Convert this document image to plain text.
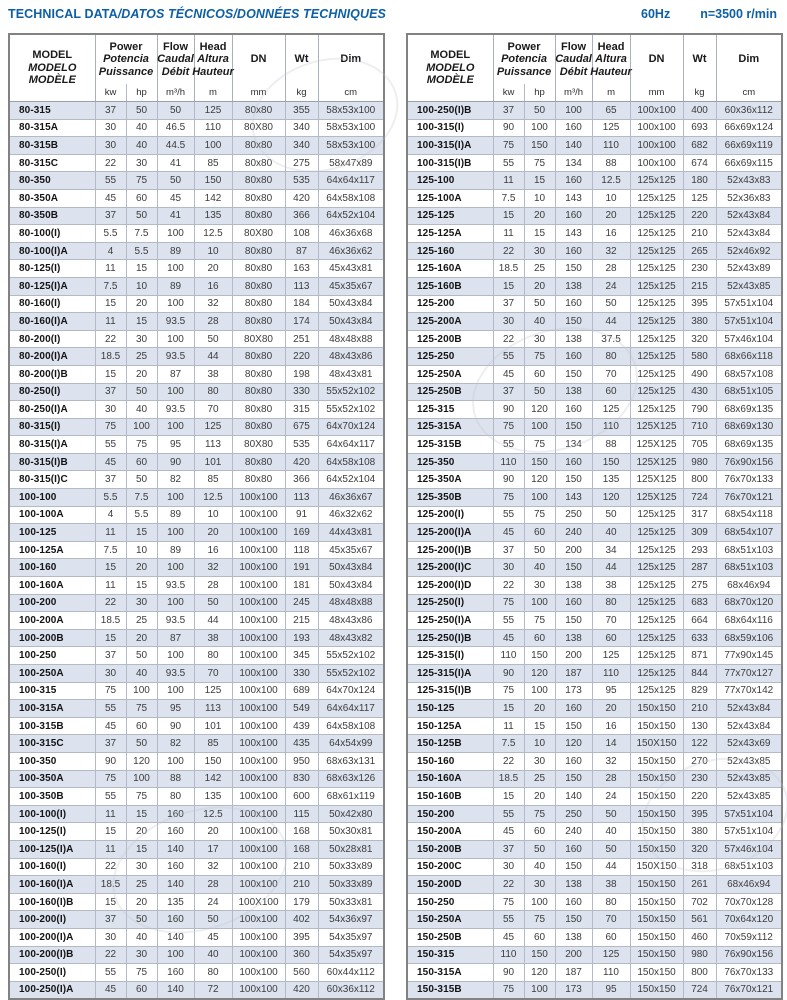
TECHNICAL DATA/DATOS TÉCNICOS/DONNÉES TECHNIQUES	60Hz n=3500 r/min
MODEL
MODELO
MODÈLE

Power
Potencia
Puissance
kw	hp

Flow
Caudal
Débit
m³/h

Head
Altura
Hauteur
m

DN
mm

Wt
kg

Dim
cm

80-315	37	50	50	125	80x80	355	58x53x100
80-315A	30	40	46.5	110	80X80	340	58x53x100
80-315B	30	40	44.5	100	80x80	340	58x53x100
80-315C	22	30	41	85	80x80	275	58x47x89
80-350	55	75	50	150	80x80	535	64x64x117
80-350A	45	60	45	142	80x80	420	64x58x108
80-350B	37	50	41	135	80x80	366	64x52x104
80-100(I)	5.5	7.5	100	12.5	80X80	108	46x36x68
80-100(I)A	4	5.5	89	10	80x80	87	46x36x62
80-125(I)	11	15	100	20	80x80	163	45x43x81
80-125(I)A	7.5	10	89	16	80x80	113	45x35x67
80-160(I)	15	20	100	32	80x80	184	50x43x84
80-160(I)A	11	15	93.5	28	80x80	174	50x43x84
80-200(I)	22	30	100	50	80X80	251	48x48x88
80-200(I)A	18.5	25	93.5	44	80x80	220	48x43x86
80-200(I)B	15	20	87	38	80x80	198	48x43x81
80-250(I)	37	50	100	80	80x80	330	55x52x102
80-250(I)A	30	40	93.5	70	80x80	315	55x52x102
80-315(I)	75	100	100	125	80x80	675	64x70x124
80-315(I)A	55	75	95	113	80X80	535	64x64x117
80-315(I)B	45	60	90	101	80x80	420	64x58x108
80-315(I)C	37	50	82	85	80x80	366	64x52x104
100-100	5.5	7.5	100	12.5	100x100	113	46x36x67
100-100A	4	5.5	89	10	100x100	91	46x32x62
100-125	11	15	100	20	100x100	169	44x43x81
100-125A	7.5	10	89	16	100x100	118	45x35x67
100-160	15	20	100	32	100x100	191	50x43x84
100-160A	11	15	93.5	28	100x100	181	50x43x84
100-200	22	30	100	50	100x100	245	48x48x88
100-200A	18.5	25	93.5	44	100x100	215	48x43x86
100-200B	15	20	87	38	100x100	193	48x43x82
100-250	37	50	100	80	100x100	345	55x52x102
100-250A	30	40	93.5	70	100x100	330	55x52x102
100-315	75	100	100	125	100x100	689	64x70x124
100-315A	55	75	95	113	100x100	549	64x64x117
100-315B	45	60	90	101	100x100	439	64x58x108
100-315C	37	50	82	85	100x100	435	64x54x99
100-350	90	120	100	150	100x100	950	68x63x131
100-350A	75	100	88	142	100x100	830	68x63x126
100-350B	55	75	80	135	100x100	600	68x61x119
100-100(I)	11	15	160	12.5	100x100	115	50x42x80
100-125(I)	15	20	160	20	100x100	168	50x30x81
100-125(I)A	11	15	140	17	100x100	168	50x28x81
100-160(I)	22	30	160	32	100x100	210	50x33x89
100-160(I)A	18.5	25	140	28	100x100	210	50x33x89
100-160(I)B	15	20	135	24	100X100	179	50x33x81
100-200(I)	37	50	160	50	100x100	402	54x36x97
100-200(I)A	30	40	140	45	100x100	395	54x35x97
100-200(I)B	22	30	100	40	100x100	360	54x35x97
100-250(I)	55	75	160	80	100x100	560	60x44x112
100-250(I)A	45	60	140	72	100x100	420	60x36x112
MODEL
MODELO
MODÈLE

Power
Potencia
Puissance
kw	hp

Flow
Caudal
Débit
m³/h

Head
Altura
Hauteur
m

DN
mm

Wt
kg

Dim
cm

100-250(I)B	37	50	100	65	100x100	400	60x36x112
100-315(I)	90	100	160	125	100x100	693	66x69x124
100-315(I)A	75	150	140	110	100x100	682	66x69x119
100-315(I)B	55	75	134	88	100x100	674	66x69x115
125-100	11	15	160	12.5	125x125	180	52x43x83
125-100A	7.5	10	143	10	125x125	125	52x36x83
125-125	15	20	160	20	125x125	220	52x43x84
125-125A	11	15	143	16	125x125	210	52x43x84
125-160	22	30	160	32	125x125	265	52x46x92
125-160A	18.5	25	150	28	125x125	230	52x43x89
125-160B	15	20	138	24	125x125	215	52x43x85
125-200	37	50	160	50	125x125	395	57x51x104
125-200A	30	40	150	44	125x125	380	57x51x104
125-200B	22	30	138	37.5	125x125	320	57x46x104
125-250	55	75	160	80	125x125	580	68x66x118
125-250A	45	60	150	70	125x125	490	68x57x108
125-250B	37	50	138	60	125x125	430	68x51x105
125-315	90	120	160	125	125x125	790	68x69x135
125-315A	75	100	150	110	125X125	710	68x69x130
125-315B	55	75	134	88	125X125	705	68x69x135
125-350	110	150	160	150	125X125	980	76x90x156
125-350A	90	120	150	135	125X125	800	76x70x133
125-350B	75	100	143	120	125X125	724	76x70x121
125-200(I)	55	75	250	50	125x125	317	68x54x118
125-200(I)A	45	60	240	40	125x125	309	68x54x107
125-200(I)B	37	50	200	34	125x125	293	68x51x103
125-200(I)C	30	40	150	44	125x125	287	68x51x103
125-200(I)D	22	30	138	38	125x125	275	68x46x94
125-250(I)	75	100	160	80	125x125	683	68x70x120
125-250(I)A	55	75	150	70	125x125	664	68x64x116
125-250(I)B	45	60	138	60	125x125	633	68x59x106
125-315(I)	110	150	200	125	125x125	871	77x90x145
125-315(I)A	90	120	187	110	125x125	844	77x70x127
125-315(I)B	75	100	173	95	125x125	829	77x70x142
150-125	15	20	160	20	150x150	210	52x43x84
150-125A	11	15	150	16	150x150	130	52x43x84
150-125B	7.5	10	120	14	150X150	122	52x43x69
150-160	22	30	160	32	150x150	270	52x43x85
150-160A	18.5	25	150	28	150x150	230	52x43x85
150-160B	15	20	140	24	150x150	220	52x43x85
150-200	55	75	250	50	150x150	395	57x51x104
150-200A	45	60	240	40	150x150	380	57x51x104
150-200B	37	50	160	50	150x150	320	57x46x104
150-200C	30	40	150	44	150X150	318	68x51x103
150-200D	22	30	138	38	150x150	261	68x46x94
150-250	75	100	160	80	150x150	702	70x70x128
150-250A	55	75	150	70	150x150	561	70x64x120
150-250B	45	60	138	60	150x150	460	70x59x112
150-315	110	150	200	125	150x150	980	76x90x156
150-315A	90	120	187	110	150x150	800	76x70x133
150-315B	75	100	173	95	150x150	724	76x70x121
